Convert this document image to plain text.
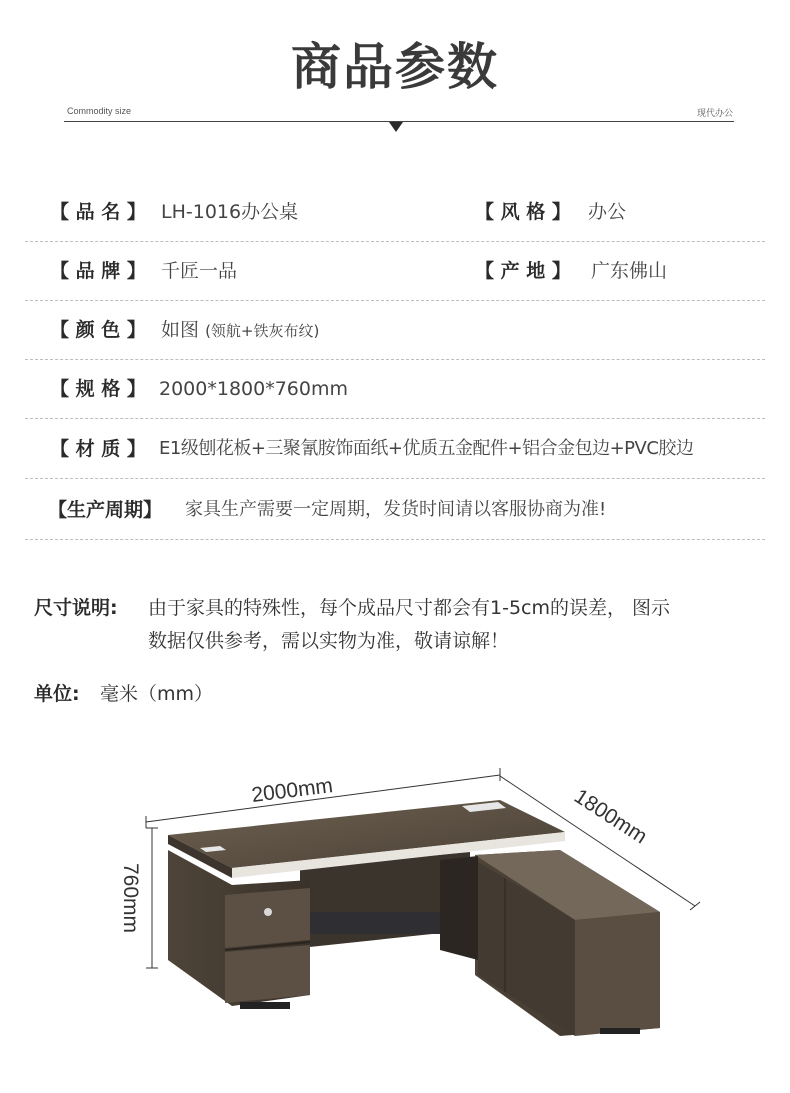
商品参数
Commodity size	现代办公
【 品 名 】 LH-1016办公桌	【 风 格 】 办公
【 品 牌 】 千匠一品	【 产 地 】 广东佛山
【 颜 色 】 如图 (领航+铁灰布纹)
【 规 格 】 2000*1800*760mm
【 材 质 】 E1级刨花板+三聚氰胺饰面纸+优质五金配件+铝合金包边+PVC胶边
【生产周期】 家具生产需要一定周期，发货时间请以客服协商为准!
尺寸说明: 由于家具的特殊性，每个成品尺寸都会有1-5cm的误差， 图示
数据仅供参考，需以实物为准，敬请谅解！
单位: 毫米（mm）
2000mm	1800mm
760mm
